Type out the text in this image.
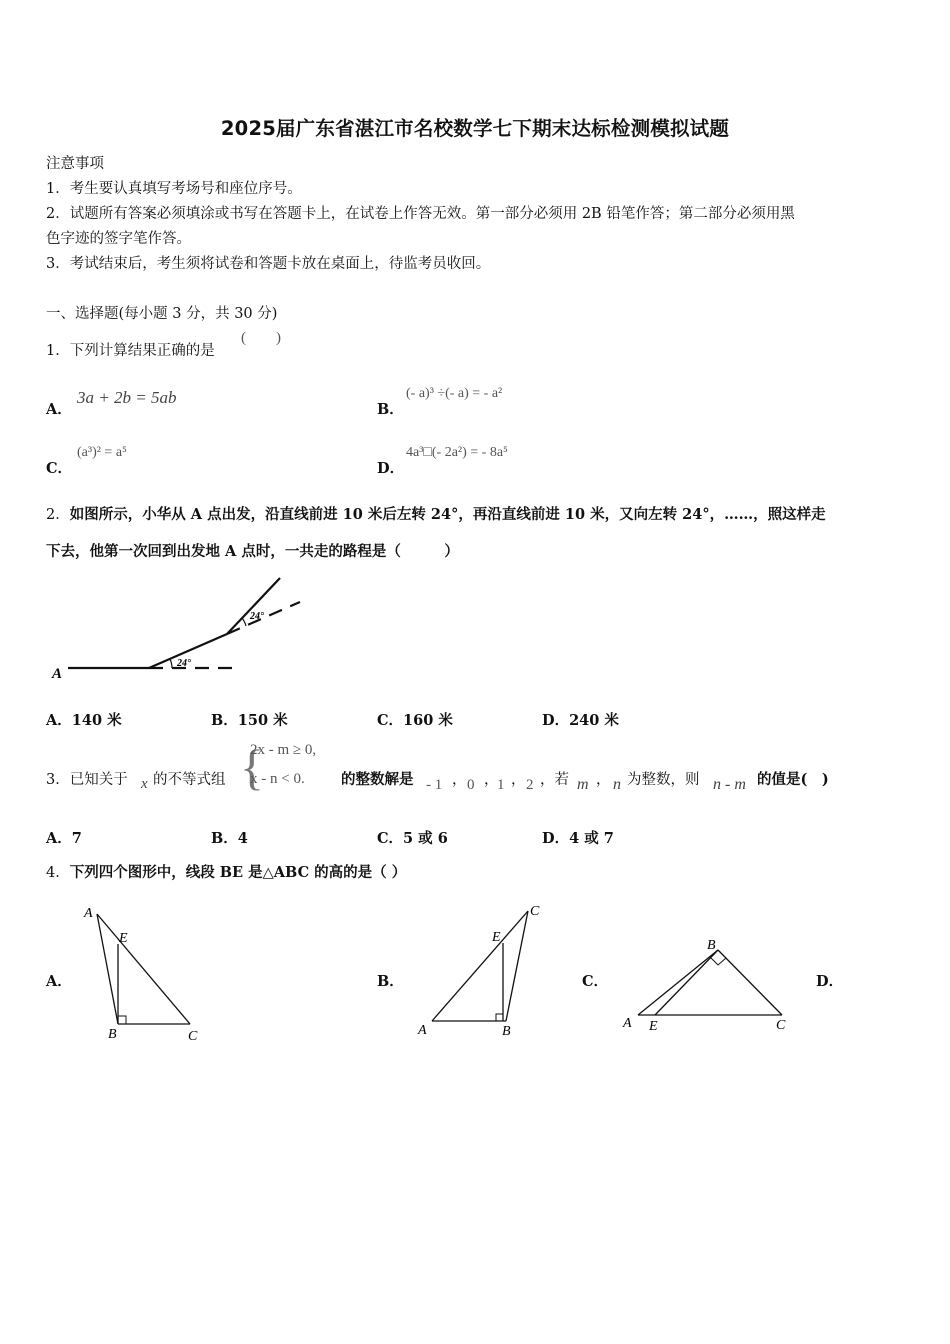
2025届广东省湛江市名校数学七下期末达标检测模拟试题
注意事项
1．考生要认真填写考场号和座位序号。
2．试题所有答案必须填涂或书写在答题卡上，在试卷上作答无效。第一部分必须用 2B 铅笔作答；第二部分必须用黑
色字迹的签字笔作答。
3．考试结束后，考生须将试卷和答题卡放在桌面上，待监考员收回。
一、选择题(每小题 3 分，共 30 分)
1．下列计算结果正确的是
(　　)
A．
3a + 2b = 5ab
B．
(- a)³ ÷(- a) = - a²
C．
(a³)² = a⁵
D．
4a³□(- 2a²) = - 8a⁵
2．如图所示，小华从 A 点出发，沿直线前进 10 米后左转 24°，再沿直线前进 10 米，又向左转 24°，……，照这样走
下去，他第一次回到出发地 A 点时，一共走的路程是（　　　）
A
24°
24°
A．140 米	B．150 米	C．160 米	D．240 米
3．已知关于 x 的不等式组 {
2x - m ≥ 0,
x - n < 0.	的整数解是 - 1 ， 0 ，
1 ， 2 ，若 m ， n 为整数，则 n - m 的值是(　)
A．7	B．4	C．5 或 6	D．4 或 7
4．下列四个图形中，线段 BE 是△ABC 的高的是（ ）
A．	B．	C．	D．
A
E
B	C
C
E
A	B
B
A E	C
